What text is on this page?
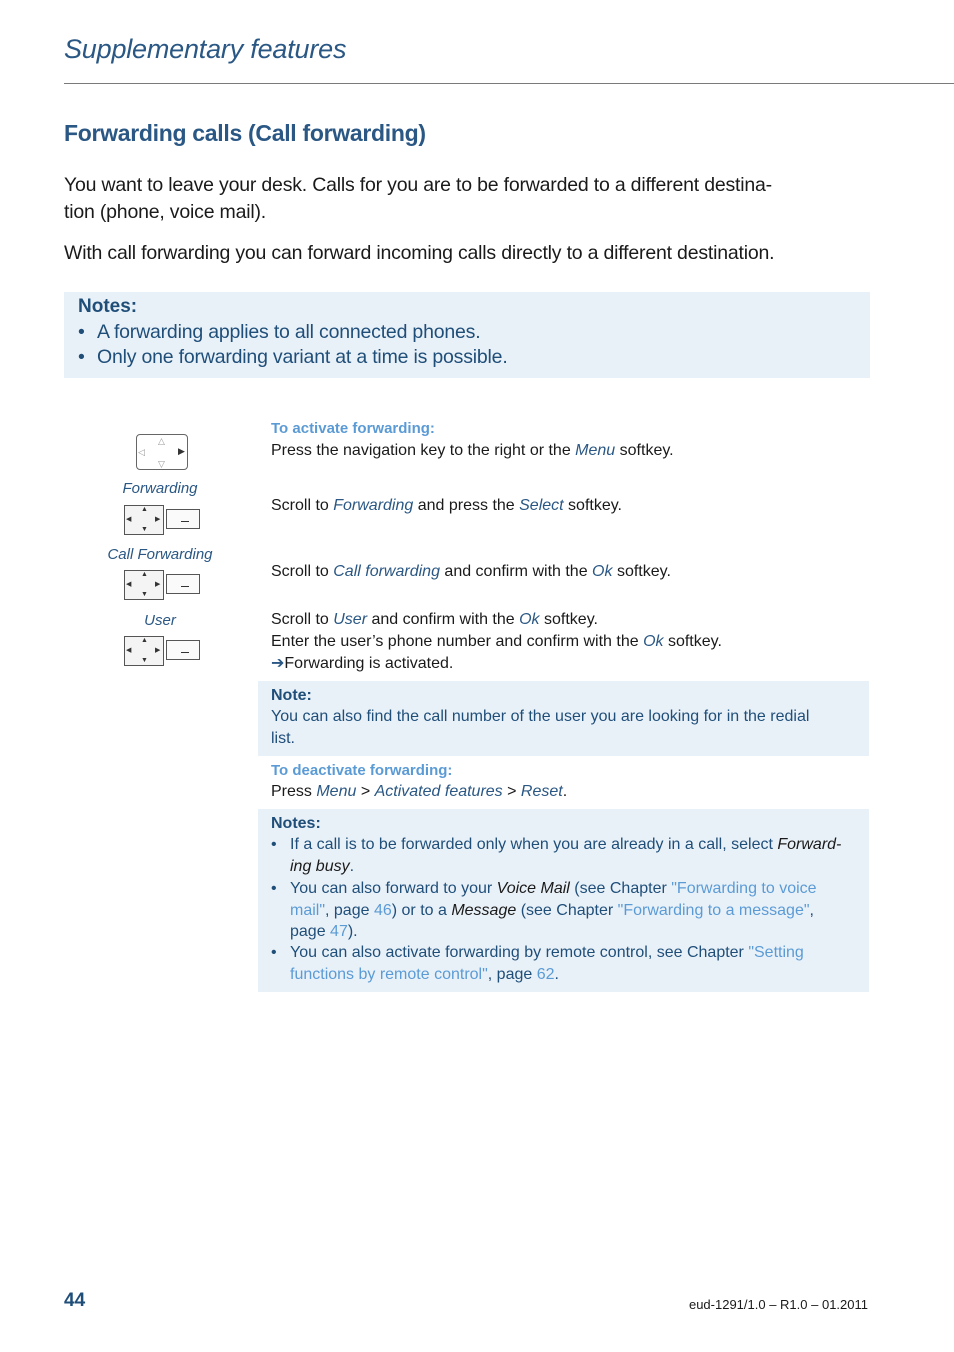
Supplementary features
Forwarding calls (Call forwarding)
You want to leave your desk. Calls for you are to be forwarded to a different destina-
tion (phone, voice mail).
With call forwarding you can forward incoming calls directly to a different destination.
Notes:
• A forwarding applies to all connected phones.
• Only one forwarding variant at a time is possible.
△
◁	▶
▽
Forwarding
▲
◀	▶
▼
Call Forwarding
▲
◀	▶
▼
User
▲
◀	▶
▼
To activate forwarding:
Press the navigation key to the right or the Menu softkey.
Scroll to Forwarding and press the Select softkey.
Scroll to Call forwarding and confirm with the Ok softkey.
Scroll to User and confirm with the Ok softkey.
Enter the user’s phone number and confirm with the Ok softkey.
➔Forwarding is activated.
Note:
You can also find the call number of the user you are looking for in the redial
list.
To deactivate forwarding:
Press Menu > Activated features > Reset.
Notes:
• If a call is to be forwarded only when you are already in a call, select Forward-
ing busy.
• You can also forward to your Voice Mail (see Chapter "Forwarding to voice
mail", page 46) or to a Message (see Chapter "Forwarding to a message",
page 47).
• You can also activate forwarding by remote control, see Chapter "Setting
functions by remote control", page 62.
44	eud-1291/1.0 – R1.0 – 01.2011
